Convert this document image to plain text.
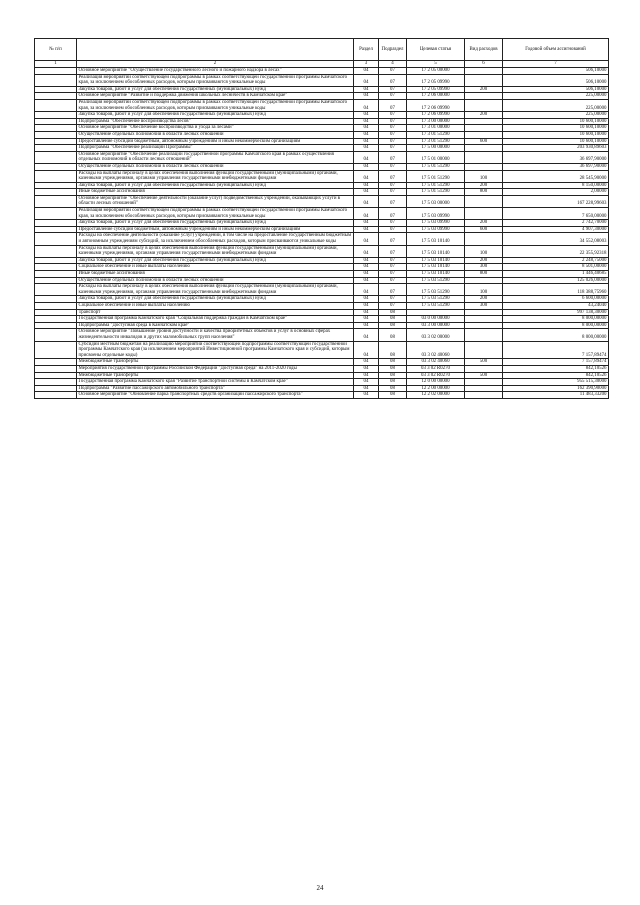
№ п/п		Раздел	Подраздел	Целевая статья	Вид расходов	Годовой объем ассигнований
1	2	3	4	5	6	7
	Основное мероприятие "Осуществление государственного лесного и пожарного надзора в лесах"	04	07	17 2 05 00000		506,10000
	Реализация мероприятий соответствующей подпрограммы в рамках соответствующей государственной программы Камчатского края, за исключением обособленных расходов, которым присваиваются уникальные коды	04	07	17 2 05 09990		506,10000
	Закупка товаров, работ и услуг для обеспечения государственных (муниципальных) нужд	04	07	17 2 05 09990	200	506,10000
	Основное мероприятие "Развитие и поддержка движения школьных лесничеств в Камчатском крае"	04	07	17 2 06 00000		225,00000
	Реализация мероприятий соответствующей подпрограммы в рамках соответствующей государственной программы Камчатского края, за исключением обособленных расходов, которым присваиваются уникальные коды	04	07	17 2 06 09990		225,00000
	Закупка товаров, работ и услуг для обеспечения государственных (муниципальных) нужд	04	07	17 2 06 09990	200	225,00000
	Подпрограмма "Обеспечение воспроизводства лесов"	04	07	17 3 00 00000		10 600,10000
	Основное мероприятие "Обеспечение воспроизводства и ухода за лесами"	04	07	17 3 01 00000		10 600,10000
	Осуществление отдельных полномочий в области лесных отношений	04	07	17 3 01 51290		10 600,10000
	Предоставление субсидий бюджетным, автономным учреждениям и иным некоммерческим организациям	04	07	17 3 01 51290	600	10 600,10000
	Подпрограмма "Обеспечение реализации Программы"	04	07	17 5 00 00000		203 930,89603
	Основное мероприятие "Обеспечение реализации государственной программы Камчатского края в рамках осуществления отдельных полномочий в области лесных отношений"	04	07	17 5 01 00000		36 697,90000
	Осуществление отдельных полномочий в области лесных отношений	04	07	17 5 01 51290		36 697,90000
	Расходы на выплаты персоналу в целях обеспечения выполнения функций государственными (муниципальными) органами, казенными учреждениями, органами управления государственными внебюджетными фондами	04	07	17 5 01 51290	100	28 545,90000
	Закупка товаров, работ и услуг для обеспечения государственных (муниципальных) нужд	04	07	17 5 01 51290	200	8 150,00000
	Иные бюджетные ассигнования	04	07	17 5 01 51290	800	2,00000
	Основное мероприятие "Обеспечение деятельности (оказание услуг) подведомственных учреждений, оказывающих услуги в области лесных отношений"	04	07	17 5 03 00000		167 228,99603
	Реализация мероприятий соответствующей подпрограммы в рамках соответствующей государственной программы Камчатского края, за исключением обособленных расходов, которым присваиваются уникальные коды	04	07	17 5 03 09990		7 650,00000
	Закупка товаров, работ и услуг для обеспечения государственных (муниципальных) нужд	04	07	17 5 03 09990	200	2 742,70000
	Предоставление субсидий бюджетным, автономным учреждениям и иным некоммерческим организациям	04	07	17 5 03 09990	600	4 907,30000
	Расходы на обеспечение деятельности (оказание услуг) учреждений, в том числе на предоставление государственным бюджетным и автономным учреждениям субсидий, за исключением обособленных расходов, которым присваиваются уникальные коды	04	07	17 5 03 10140		34 552,08003
	Расходы на выплаты персоналу в целях обеспечения выполнения функций государственными (муниципальными) органами, казенными учреждениями, органами управления государственными внебюджетными фондами	04	07	17 5 03 10140	100	22 355,92318
	Закупка товаров, работ и услуг для обеспечения государственных (муниципальных) нужд	04	07	17 5 03 10140	200	2 248,75000
	Социальное обеспечение и иные выплаты населению	04	07	17 5 03 10140	300	8 501,00000
	Иные бюджетные ассигнования	04	07	17 5 03 10140	800	1 446,40685
	Осуществление отдельных полномочий в области лесных отношений	04	07	17 5 03 51290		125 026,00000
	Расходы на выплаты персоналу в целях обеспечения выполнения функций государственными (муниципальными) органами, казенными учреждениями, органами управления государственными внебюджетными фондами	04	07	17 5 03 51290	100	118 388,75960
	Закупка товаров, работ и услуг для обеспечения государственных (муниципальных) нужд	04	07	17 5 03 51290	200	6 600,00000
	Социальное обеспечение и иные выплаты населению	04	07	17 5 03 51290	300	43,24040
	Транспорт	04	08			997 138,30000
	Государственная программа Камчатского края "Социальная поддержка граждан в Камчатском крае"	04	08	03 0 00 00000		8 000,00000
	Подпрограмма "Доступная среда в Камчатском крае"	04	08	03 3 00 00000		8 000,00000
	Основное мероприятие "Повышение уровня доступности и качества приоритетных объектов и услуг в основных сферах жизнедеятельности инвалидов и других маломобильных групп населения"	04	08	03 3 02 00000		8 000,00000
	Субсидии местным бюджетам на реализацию мероприятий соответствующей подпрограммы соответствующей государственной программы Камчатского края (за исключением мероприятий Инвестиционной программы Камчатского края и субсидий, которым присвоены отдельные коды)	04	08	03 3 02 40060		7 157,89474
	Межбюджетные трансферты	04	08	03 3 02 40060	500	7 157,89474
	Мероприятия государственной программы Российской Федерации "Доступная среда" на 2011-2020 годы	04	08	03 3 02 R0270		842,10526
	Межбюджетные трансферты	04	08	03 3 02 R0270	500	842,10526
	Государственная программа Камчатского края "Развитие транспортной системы в Камчатском крае"	04	08	12 0 00 00000		955 515,30000
	Подпрограмма "Развитие пассажирского автомобильного транспорта"	04	08	12 2 00 00000		162 390,90000
	Основное мероприятие "Обновление парка транспортных средств организаций пассажирского транспорта"	04	08	12 2 02 00000		11 483,33200
24
